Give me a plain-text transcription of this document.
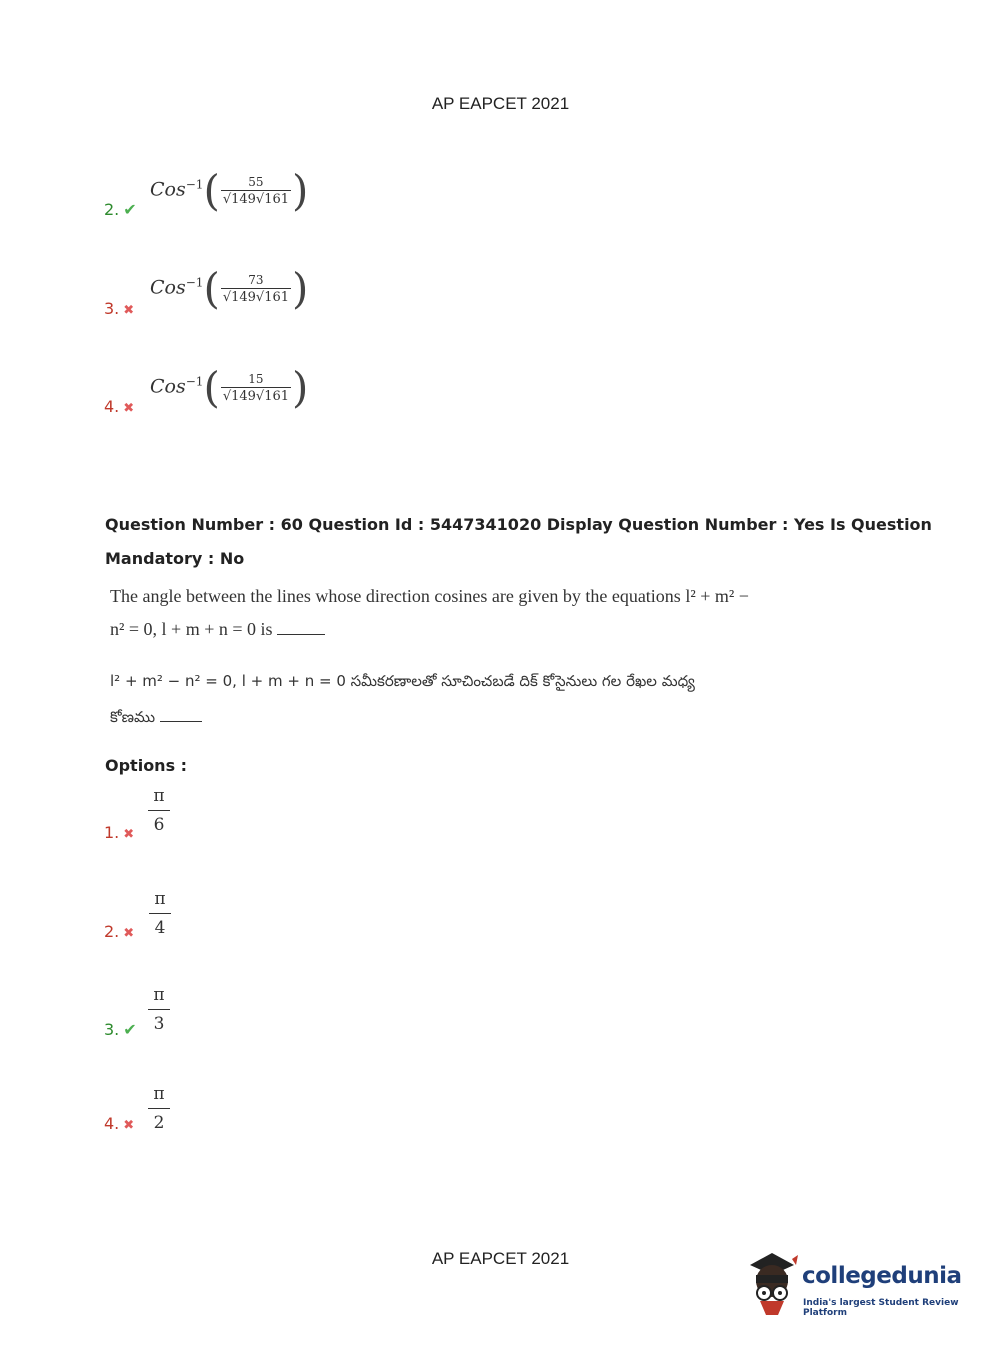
AP EAPCET 2021
2. ✔
$Cos^{-1}( \frac{55}{√149√161}$ )
3. ✖
$Cos^{-1}( \frac{73}{√149√161}$ )
4. ✖
$Cos^{-1}( \frac{15}{√149√161}$ )
Question Number : 60 Question Id : 5447341020 Display Question Number : Yes Is Question
Mandatory : No
The angle between the lines whose direction cosines are given by the equations l² + m² −
n² = 0, l + m + n = 0 is
l² + m² − n² = 0, l + m + n = 0 సమీకరణాలతో సూచించబడే దిక్ కోసైనులు గల రేఖల మధ్య
కోణము
Options :
1. ✖
π
6
2. ✖
π
4
3. ✔
π
3
4. ✖
π
2
AP EAPCET 2021
collegedunia
India's largest Student Review Platform
